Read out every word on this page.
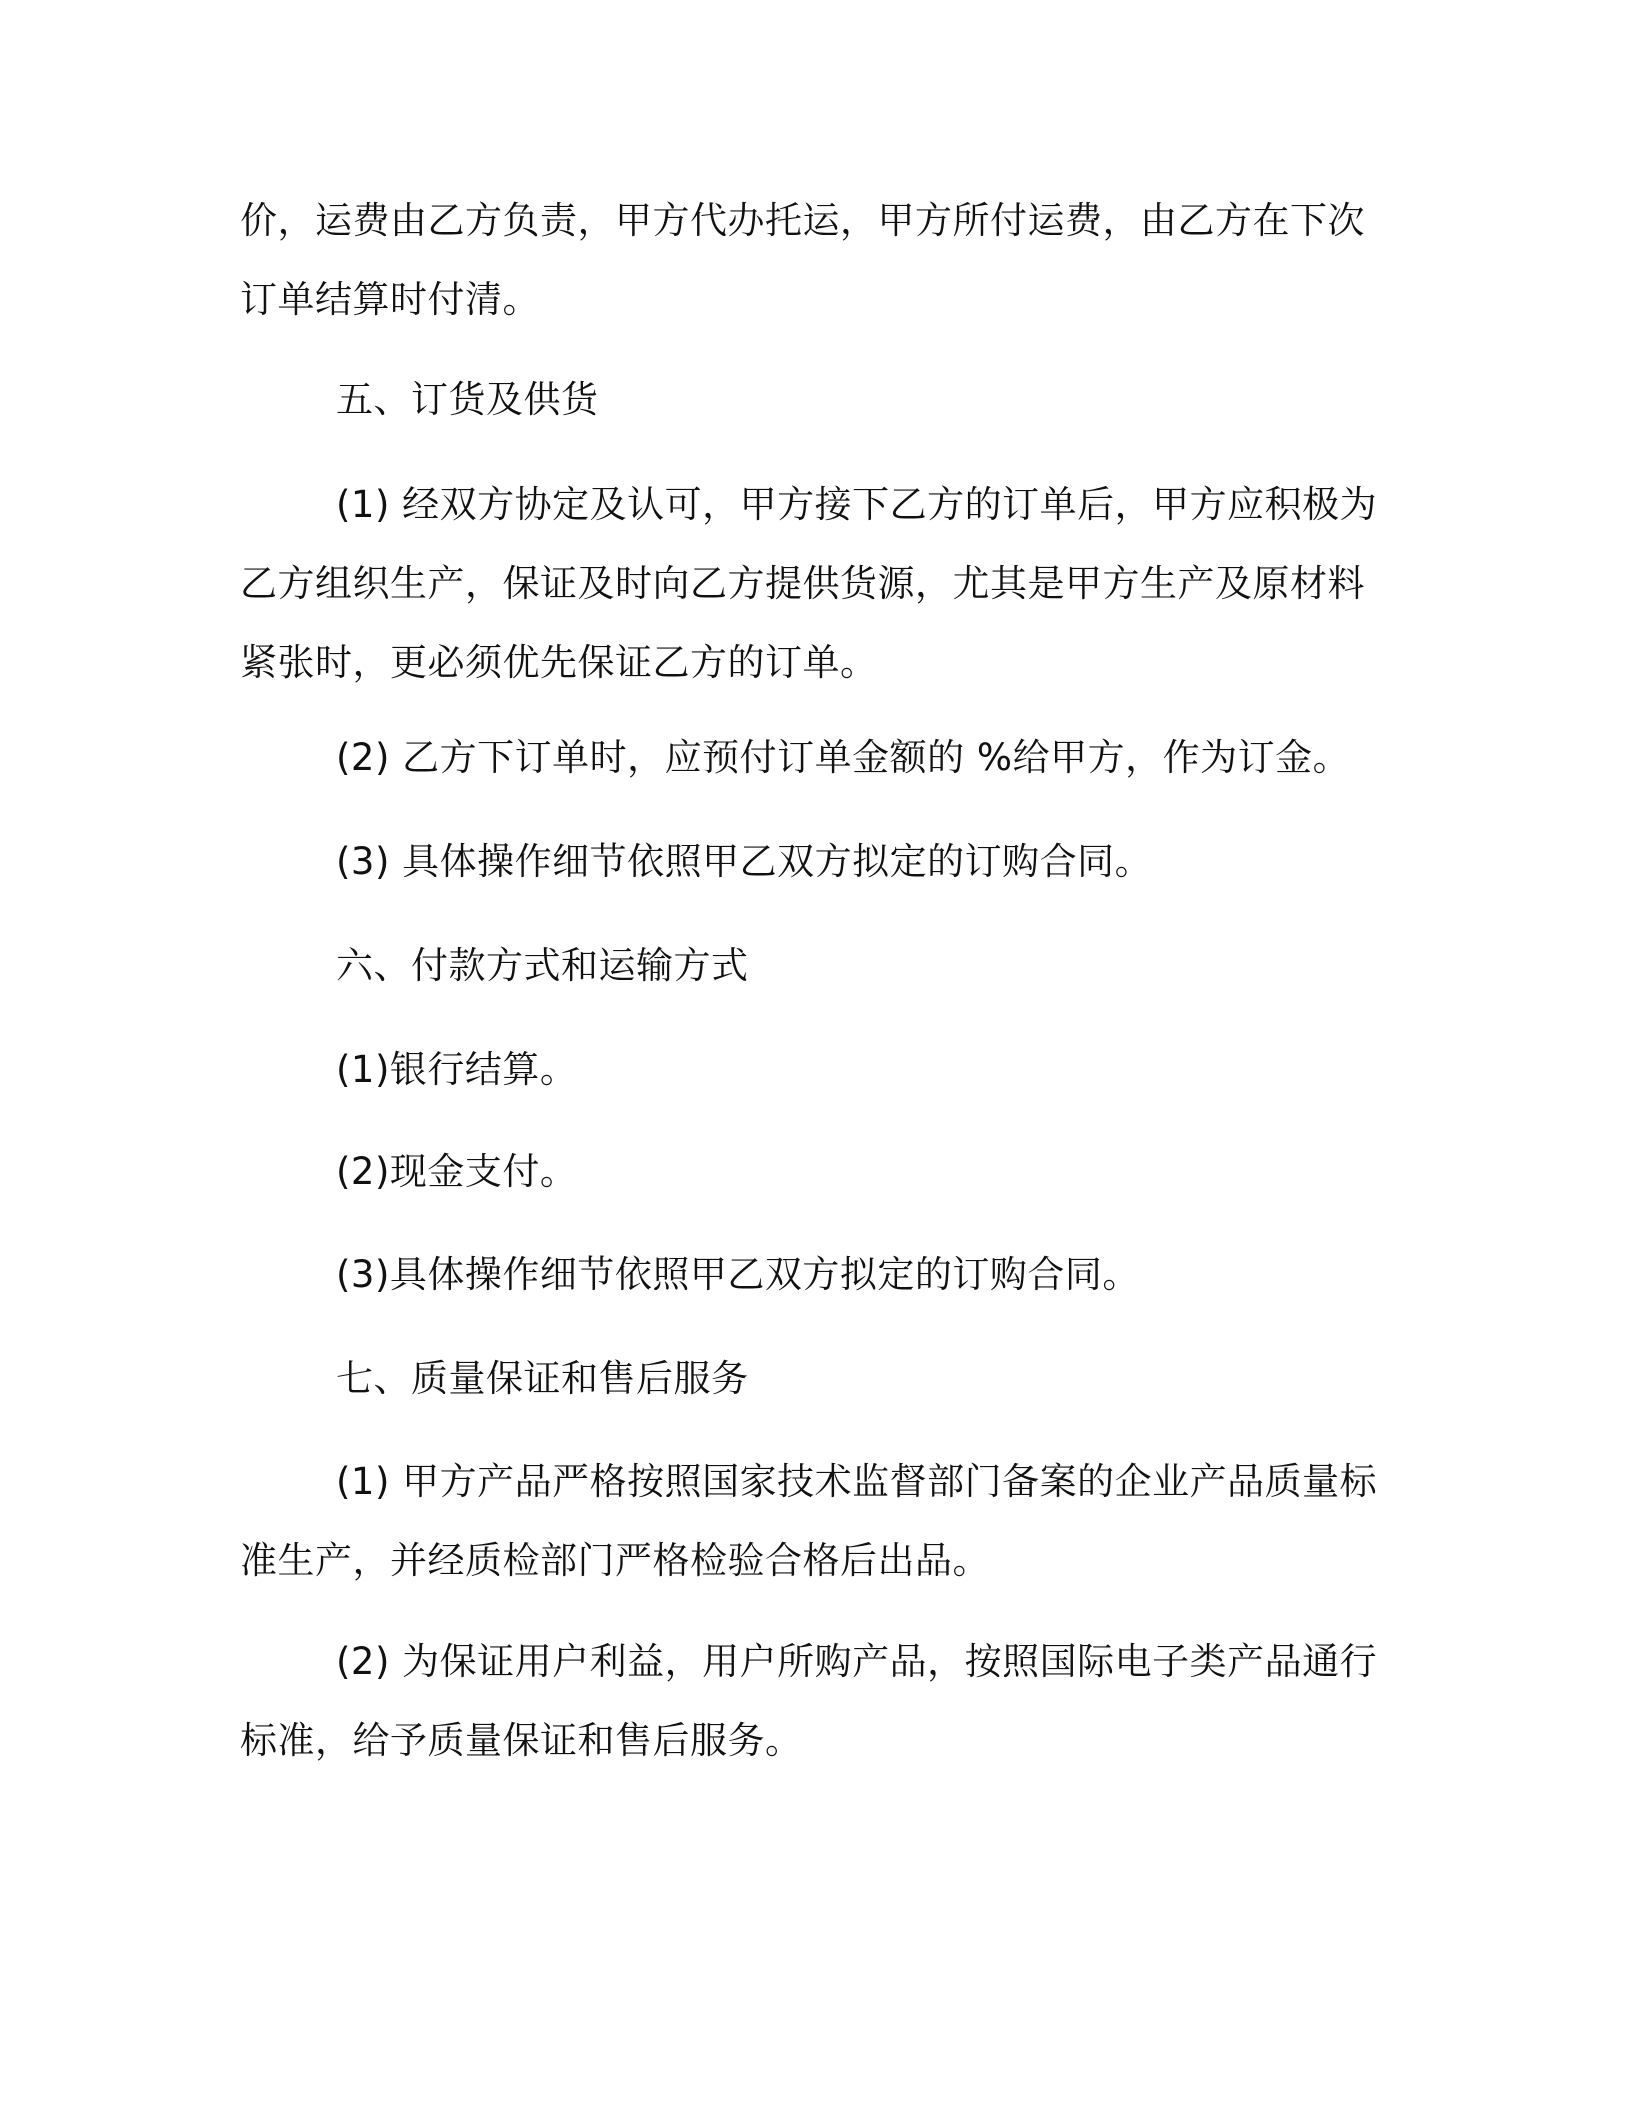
价，运费由乙方负责，甲方代办托运，甲方所付运费，由乙方在下次
订单结算时付清。

五、订货及供货

(1) 经双方协定及认可，甲方接下乙方的订单后，甲方应积极为
乙方组织生产，保证及时向乙方提供货源，尤其是甲方生产及原材料
紧张时，更必须优先保证乙方的订单。

(2) 乙方下订单时，应预付订单金额的 %给甲方，作为订金。

(3) 具体操作细节依照甲乙双方拟定的订购合同。

六、付款方式和运输方式

(1)银行结算。

(2)现金支付。

(3)具体操作细节依照甲乙双方拟定的订购合同。

七、质量保证和售后服务

(1) 甲方产品严格按照国家技术监督部门备案的企业产品质量标
准生产，并经质检部门严格检验合格后出品。

(2) 为保证用户利益，用户所购产品，按照国际电子类产品通行
标准，给予质量保证和售后服务。
